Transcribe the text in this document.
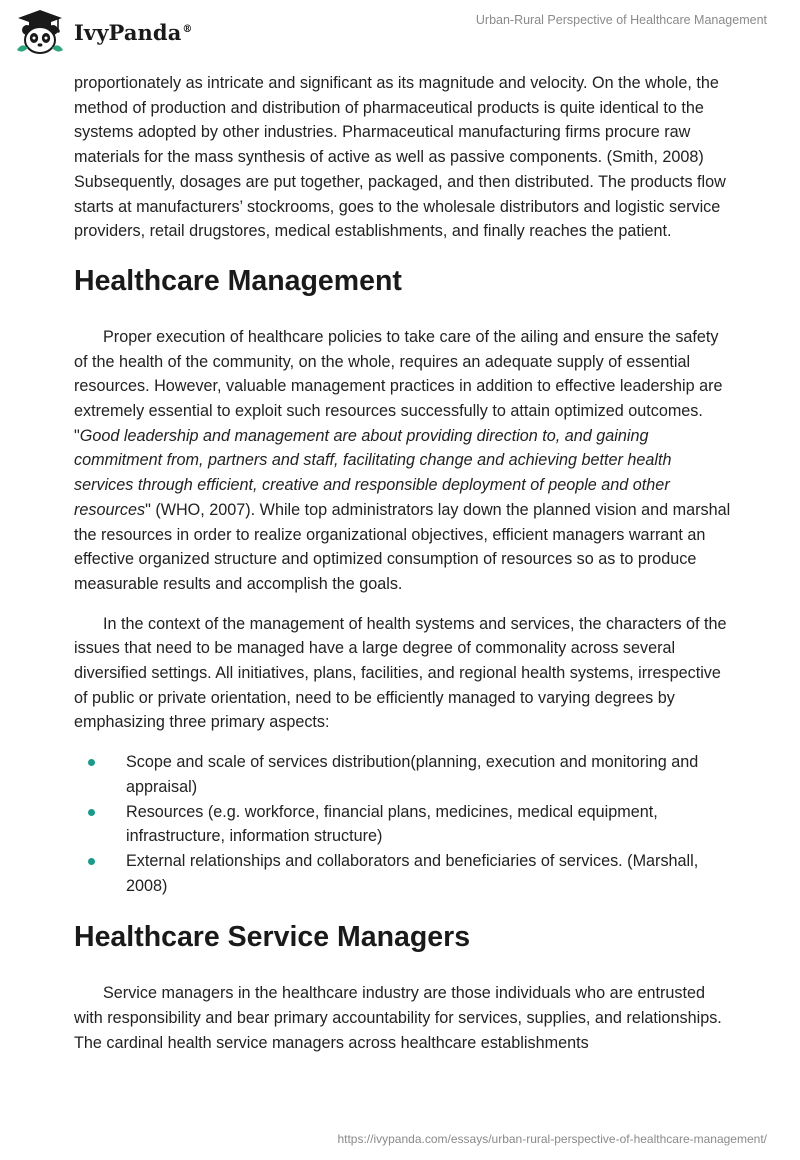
IvyPanda®
Urban-Rural Perspective of Healthcare Management

proportionately as intricate and significant as its magnitude and velocity. On the whole, the method of production and distribution of pharmaceutical products is quite identical to the systems adopted by other industries. Pharmaceutical manufacturing firms procure raw materials for the mass synthesis of active as well as passive components. (Smith, 2008) Subsequently, dosages are put together, packaged, and then distributed. The products flow starts at manufacturers’ stockrooms, goes to the wholesale distributors and logistic service providers, retail drugstores, medical establishments, and finally reaches the patient.

Healthcare Management

Proper execution of healthcare policies to take care of the ailing and ensure the safety of the health of the community, on the whole, requires an adequate supply of essential resources. However, valuable management practices in addition to effective leadership are extremely essential to exploit such resources successfully to attain optimized outcomes. "Good leadership and management are about providing direction to, and gaining commitment from, partners and staff, facilitating change and achieving better health services through efficient, creative and responsible deployment of people and other resources" (WHO, 2007). While top administrators lay down the planned vision and marshal the resources in order to realize organizational objectives, efficient managers warrant an effective organized structure and optimized consumption of resources so as to produce measurable results and accomplish the goals.

In the context of the management of health systems and services, the characters of the issues that need to be managed have a large degree of commonality across several diversified settings. All initiatives, plans, facilities, and regional health systems, irrespective of public or private orientation, need to be efficiently managed to varying degrees by emphasizing three primary aspects:

Scope and scale of services distribution(planning, execution and monitoring and appraisal)
Resources (e.g. workforce, financial plans, medicines, medical equipment, infrastructure, information structure)
External relationships and collaborators and beneficiaries of services. (Marshall, 2008)
Healthcare Service Managers

Service managers in the healthcare industry are those individuals who are entrusted with responsibility and bear primary accountability for services, supplies, and relationships. The cardinal health service managers across healthcare establishments

https://ivypanda.com/essays/urban-rural-perspective-of-healthcare-management/
